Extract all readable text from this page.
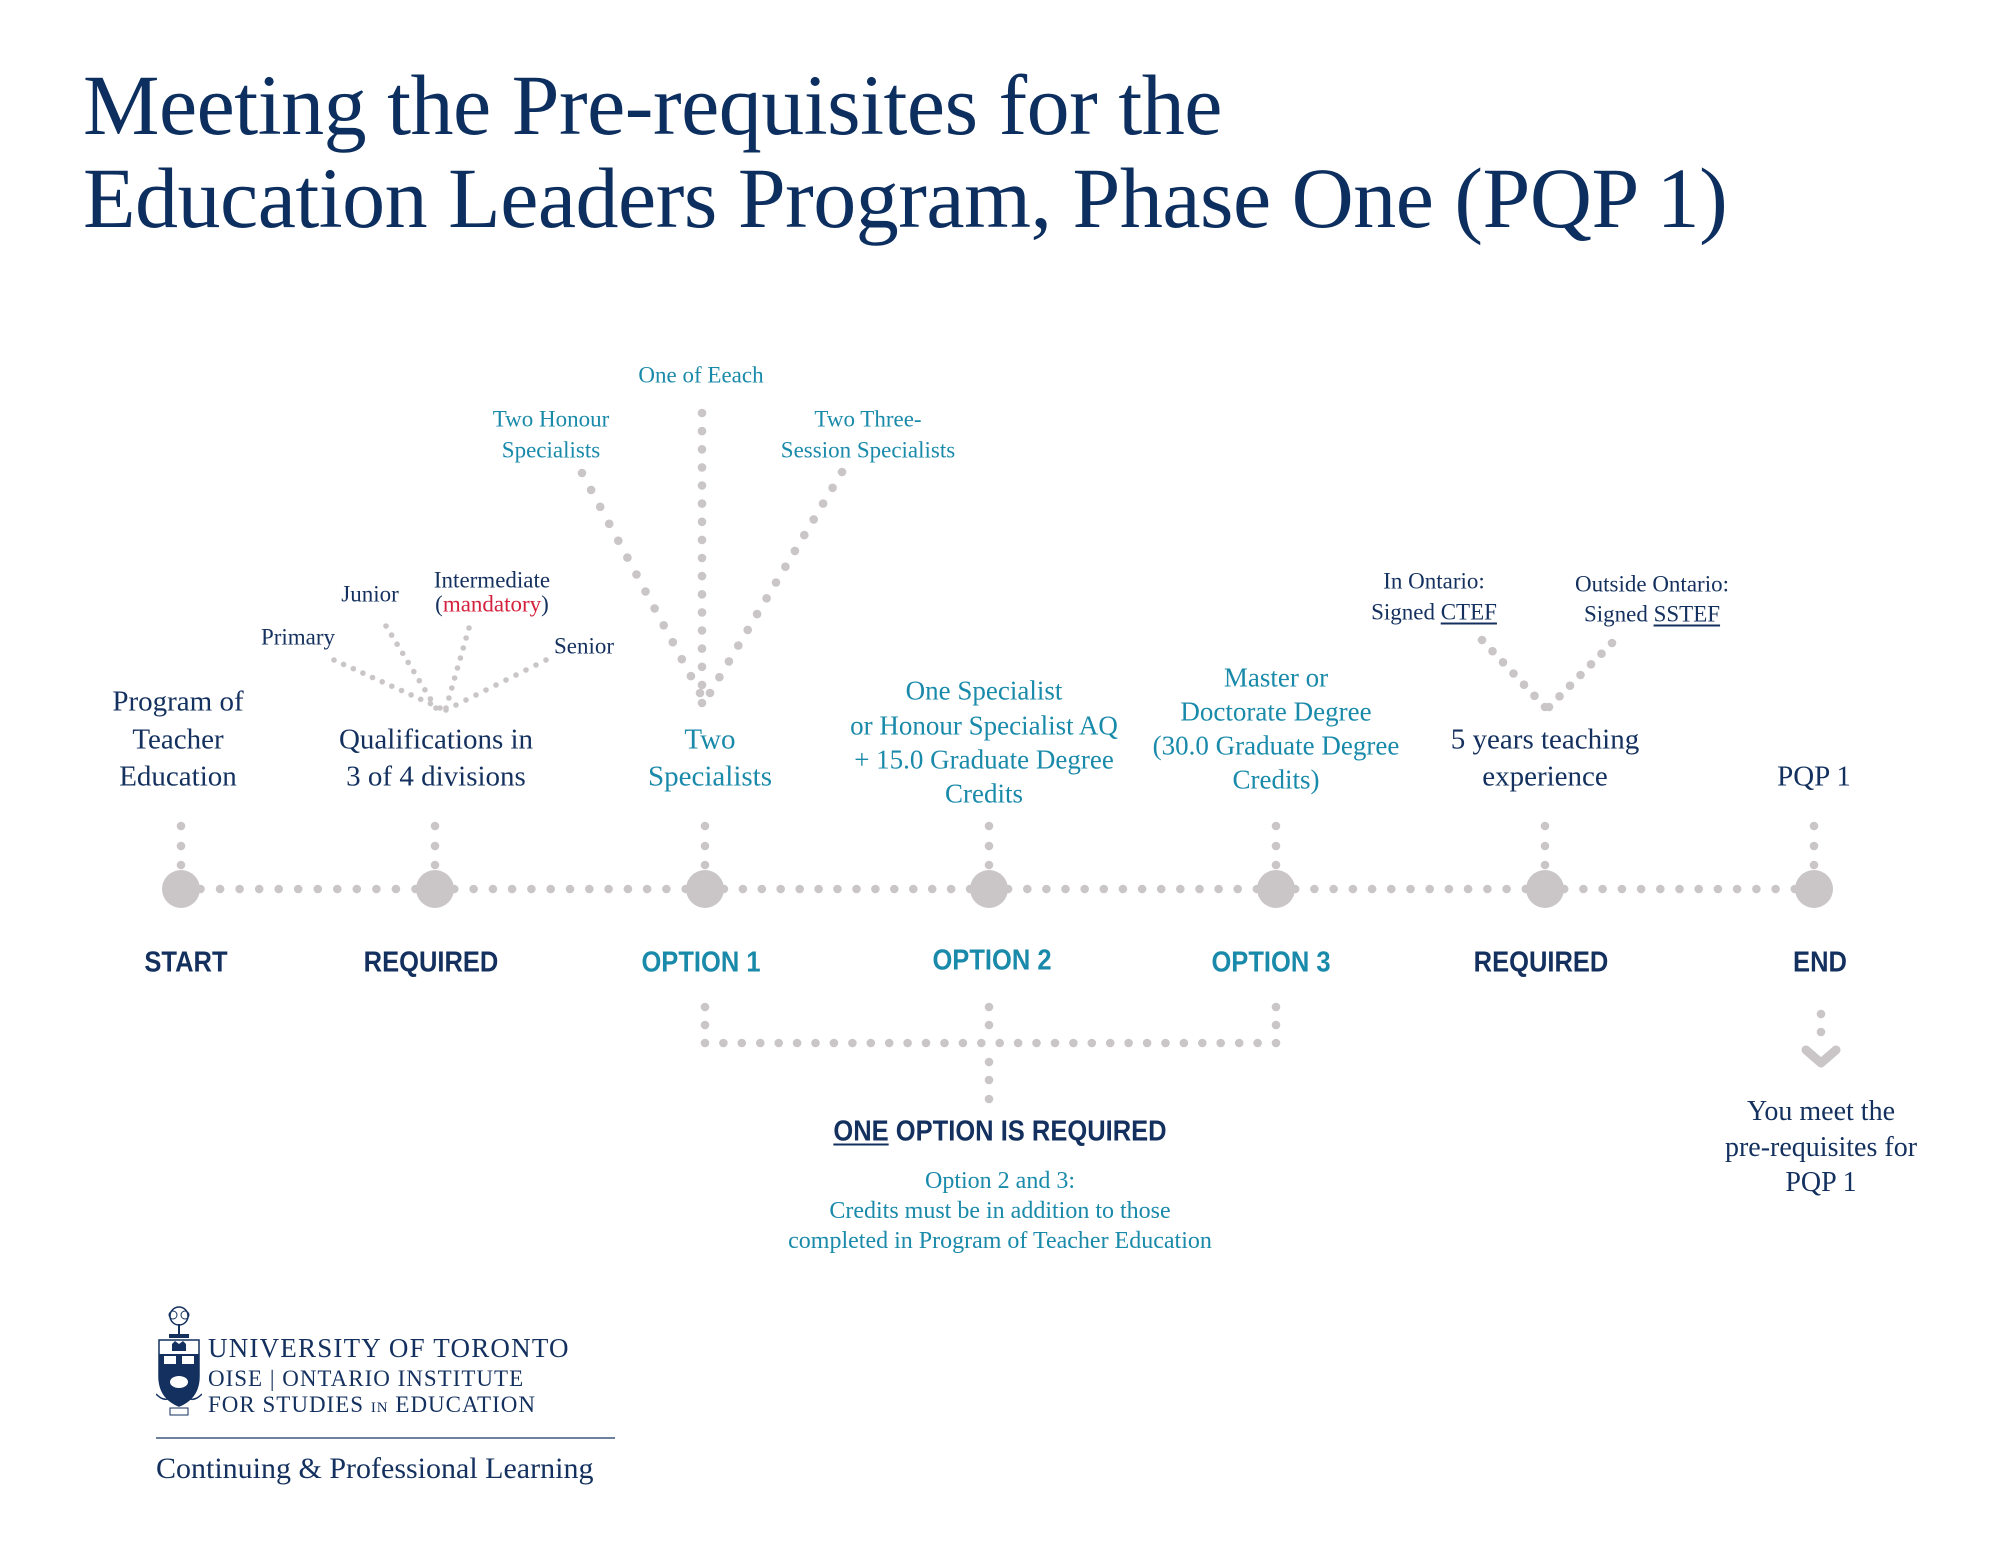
Meeting the Pre-requisites for the
Education Leaders Program, Phase One (PQP 1)
Program of
Teacher
Education
Qualifications in
3 of 4 divisions
Two
Specialists
One Specialist
or Honour Specialist AQ
+ 15.0 Graduate Degree
Credits
Master or
Doctorate Degree
(30.0 Graduate Degree
Credits)
5 years teaching
experience	PQP 1
Primary
Junior
Intermediate
(mandatory)
Senior
One of Eeach
Two Honour
Specialists
Two Three-
Session Specialists
In Ontario:
Signed CTEF
Outside Ontario:
Signed SSTEF
START	REQUIRED	OPTION 1	OPTION 2	OPTION 3	REQUIRED	END
ONE OPTION IS REQUIRED
Option 2 and 3:
Credits must be in addition to those
completed in Program of Teacher Education
You meet the
pre-requisites for
PQP 1
UNIVERSITY OF TORONTO
OISE | ONTARIO INSTITUTE
FOR STUDIES IN EDUCATION
Continuing & Professional Learning
